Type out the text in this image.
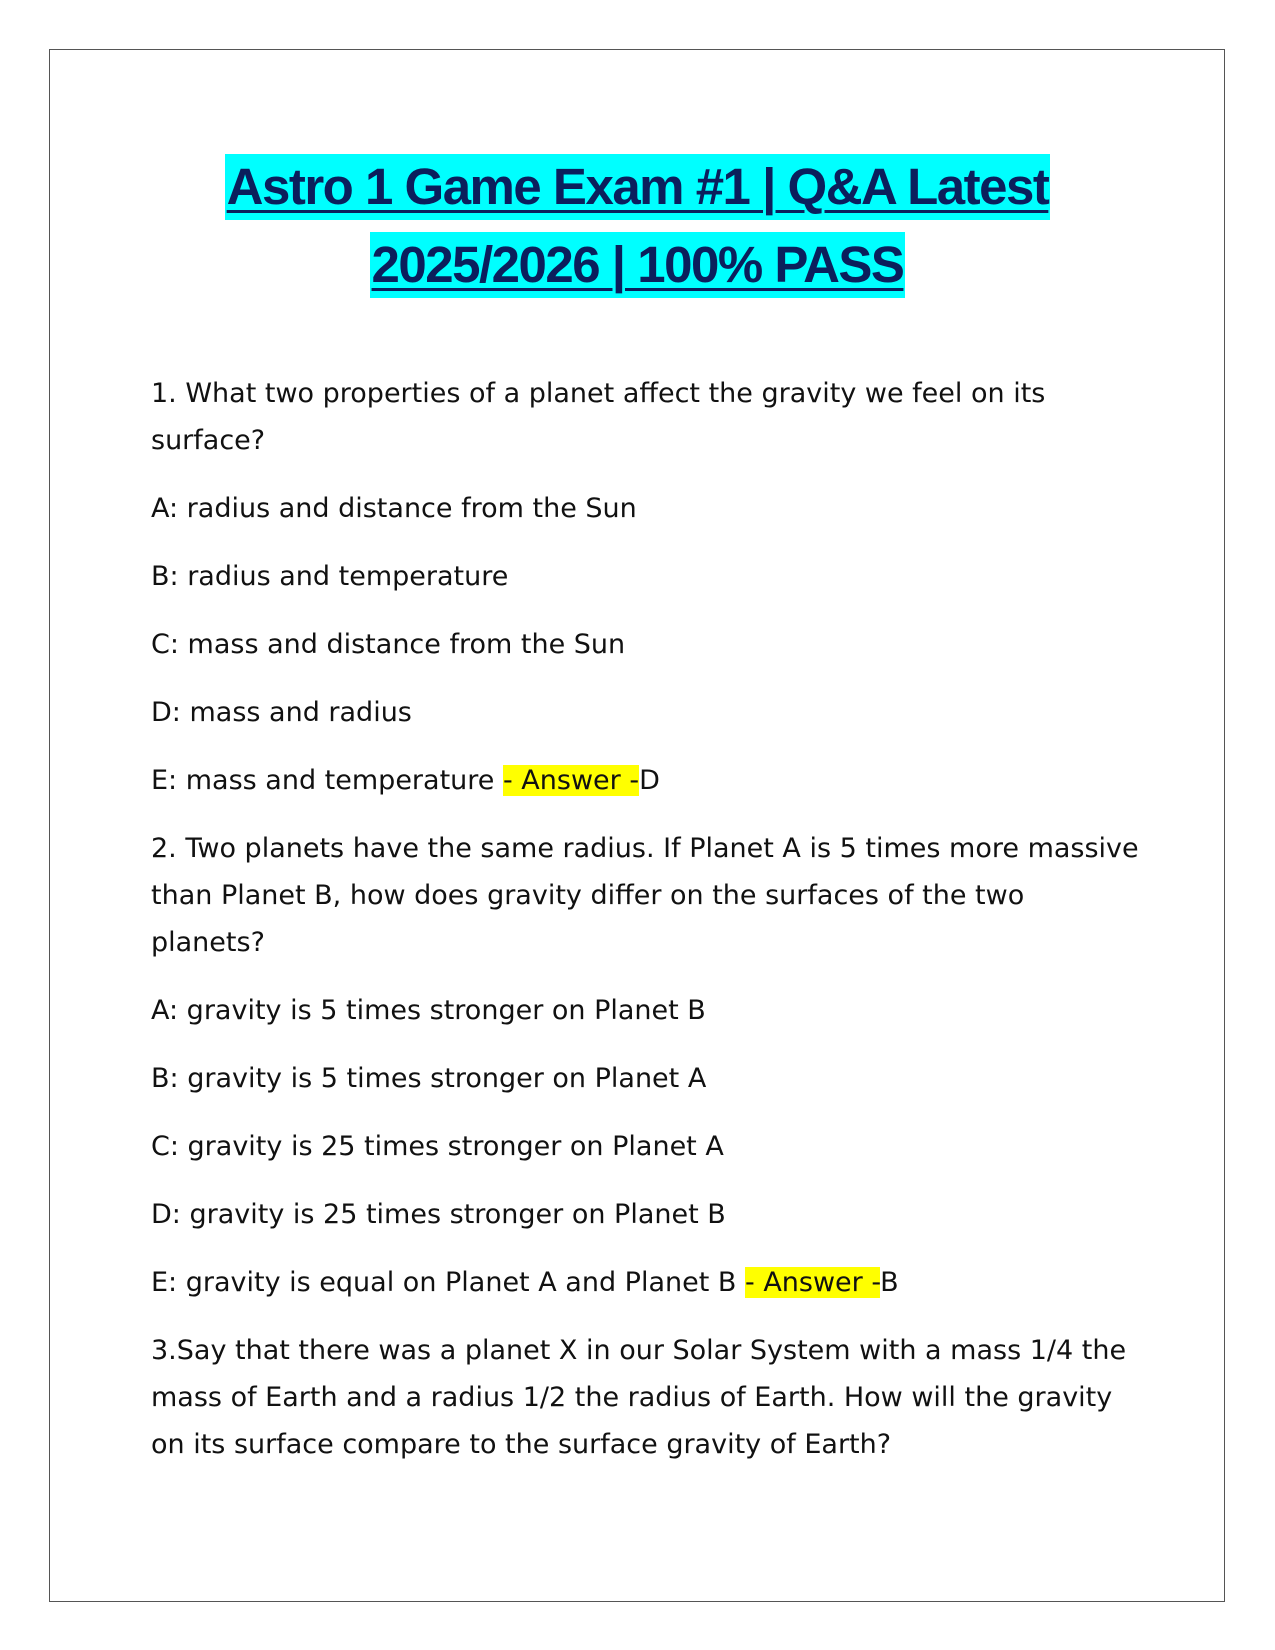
Astro 1 Game Exam #1 | Q&A Latest
2025/2026 | 100% PASS

1. What two properties of a planet affect the gravity we feel on its surface?

A: radius and distance from the Sun

B: radius and temperature

C: mass and distance from the Sun

D: mass and radius

E: mass and temperature - Answer -D

2. Two planets have the same radius. If Planet A is 5 times more massive than Planet B, how does gravity differ on the surfaces of the two planets?

A: gravity is 5 times stronger on Planet B

B: gravity is 5 times stronger on Planet A

C: gravity is 25 times stronger on Planet A

D: gravity is 25 times stronger on Planet B

E: gravity is equal on Planet A and Planet B - Answer -B

3.Say that there was a planet X in our Solar System with a mass 1/4 the mass of Earth and a radius 1/2 the radius of Earth. How will the gravity on its surface compare to the surface gravity of Earth?
